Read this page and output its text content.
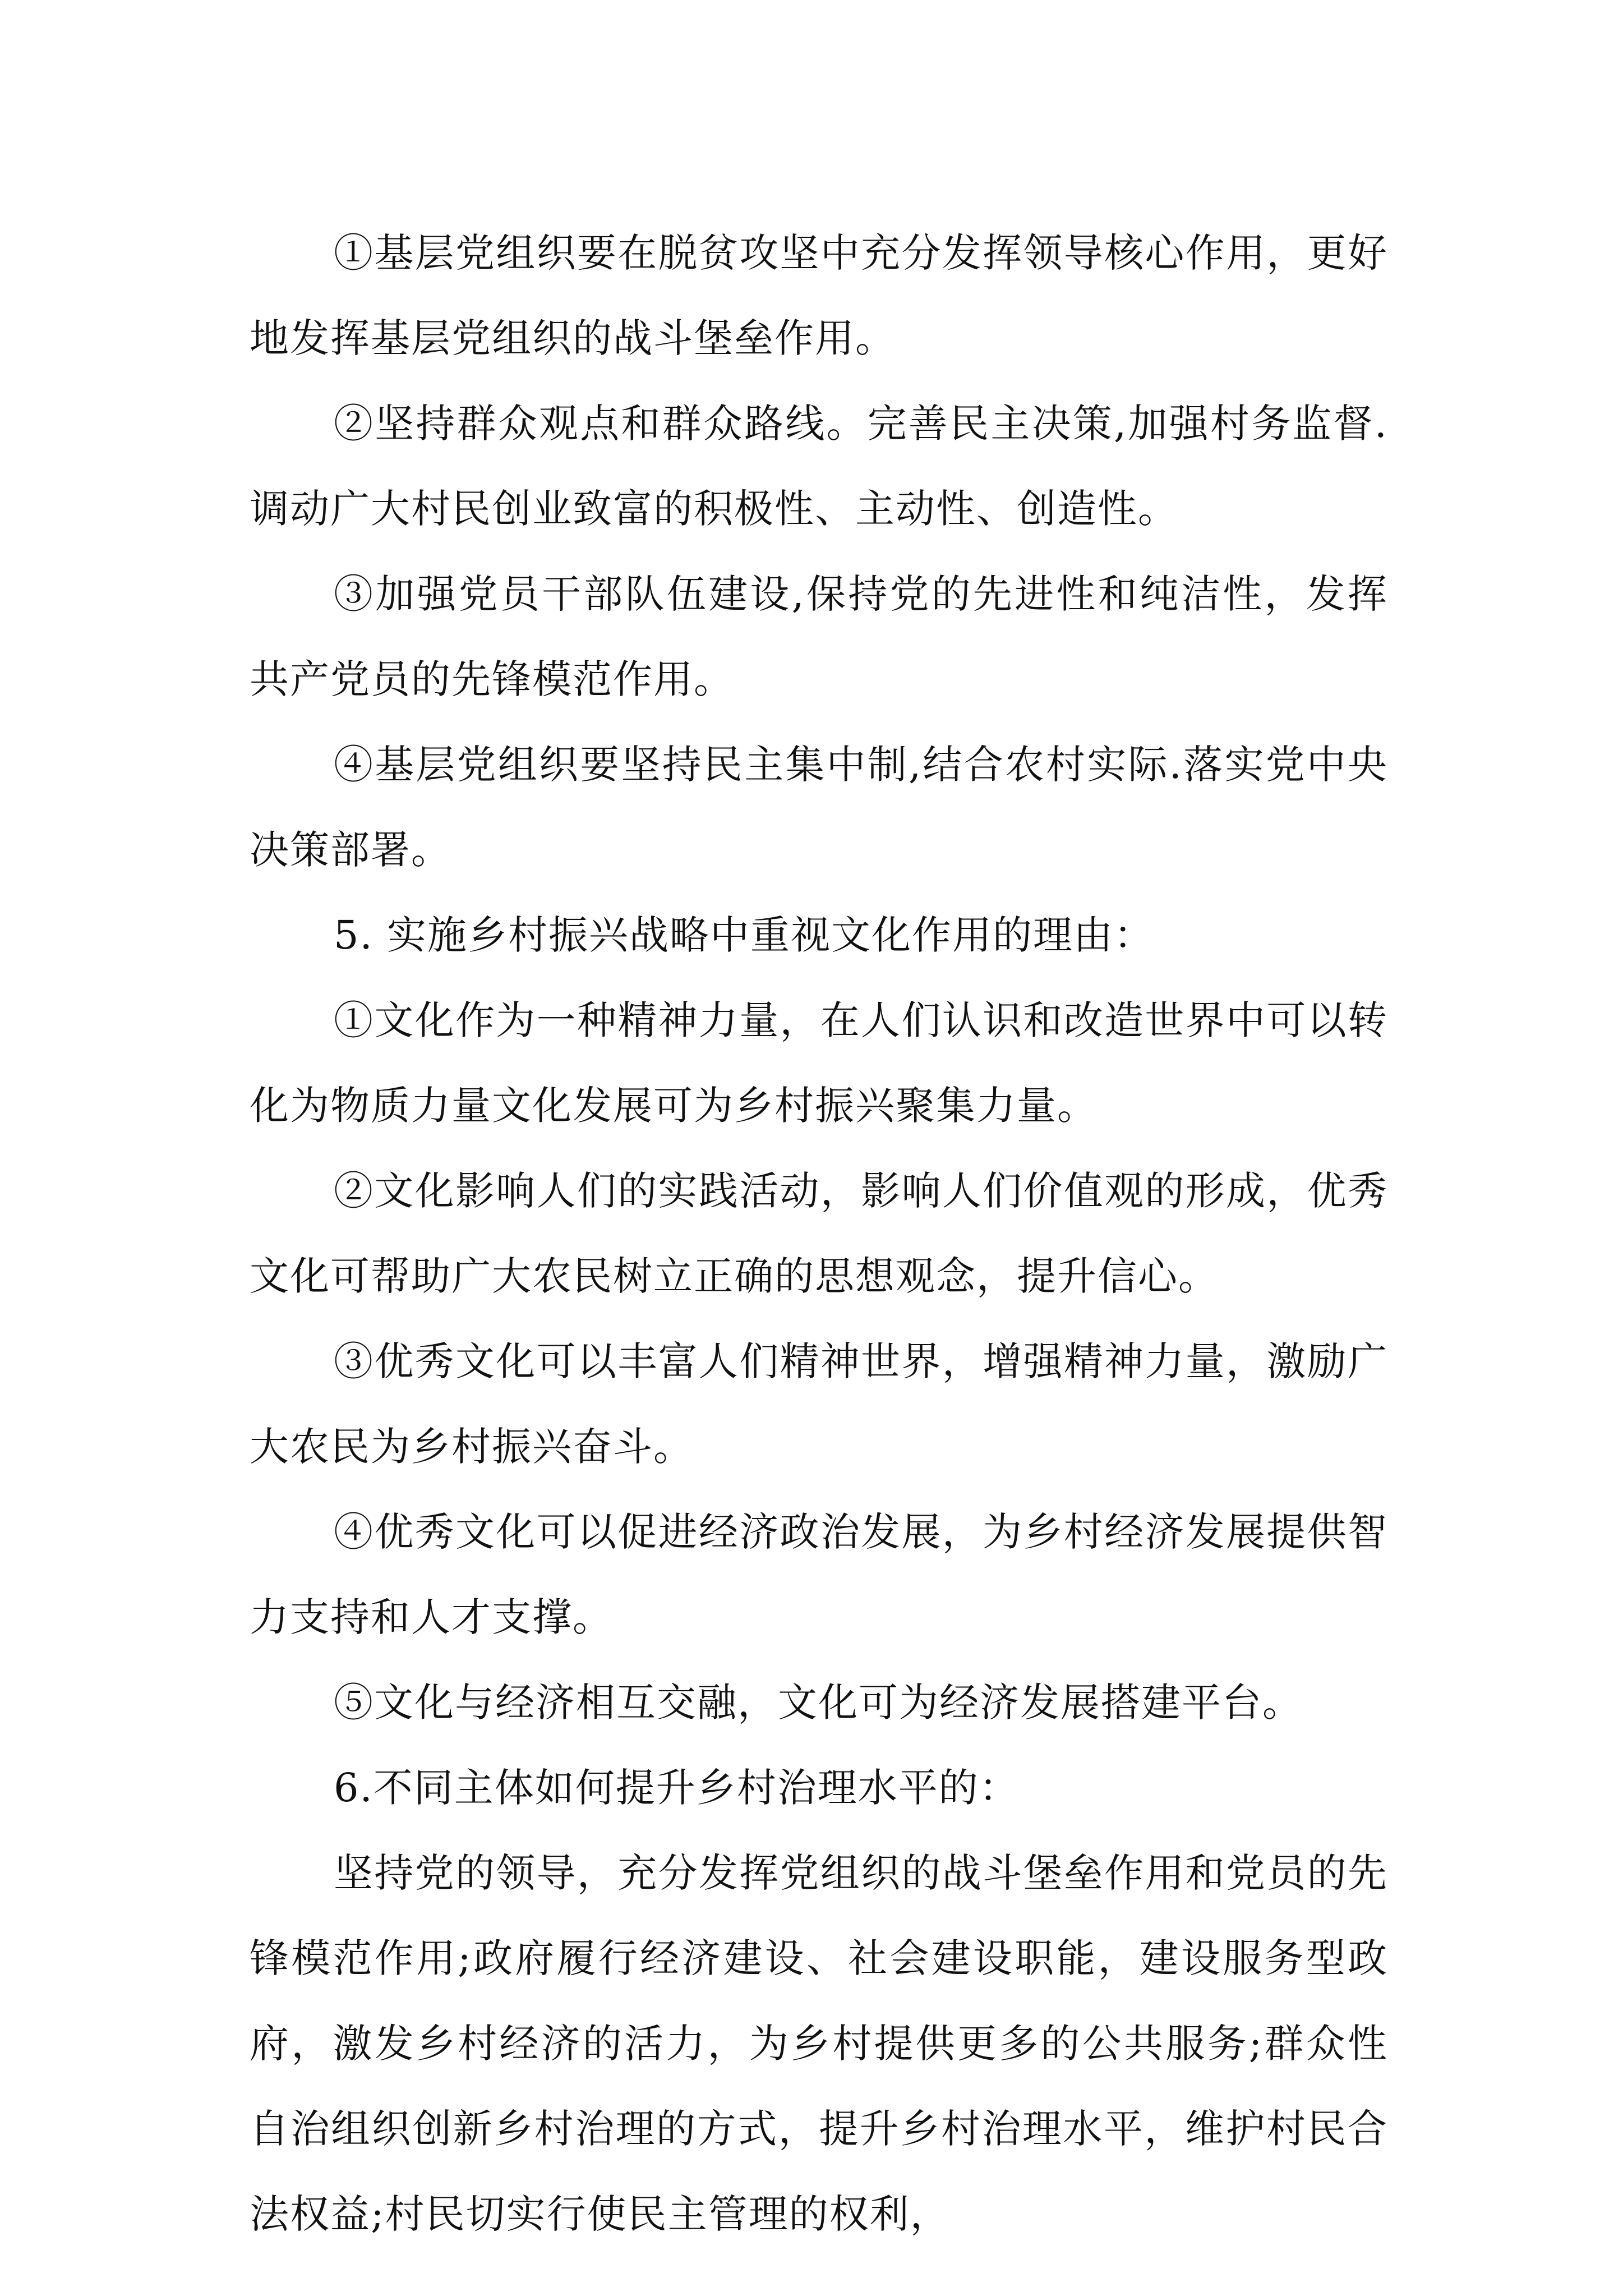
①基层党组织要在脱贫攻坚中充分发挥领导核心作用，更好地发挥基层党组织的战斗堡垒作用。

②坚持群众观点和群众路线。完善民主决策,加强村务监督.调动广大村民创业致富的积极性、主动性、创造性。

③加强党员干部队伍建设,保持党的先进性和纯洁性，发挥共产党员的先锋模范作用。

④基层党组织要坚持民主集中制,结合农村实际.落实党中央决策部署。

5. 实施乡村振兴战略中重视文化作用的理由：

①文化作为一种精神力量，在人们认识和改造世界中可以转化为物质力量文化发展可为乡村振兴聚集力量。

②文化影响人们的实践活动，影响人们价值观的形成，优秀文化可帮助广大农民树立正确的思想观念，提升信心。

③优秀文化可以丰富人们精神世界，增强精神力量，激励广大农民为乡村振兴奋斗。

④优秀文化可以促进经济政治发展，为乡村经济发展提供智力支持和人才支撑。

⑤文化与经济相互交融，文化可为经济发展搭建平台。

6.不同主体如何提升乡村治理水平的：

坚持党的领导，充分发挥党组织的战斗堡垒作用和党员的先锋模范作用;政府履行经济建设、社会建设职能，建设服务型政府，激发乡村经济的活力，为乡村提供更多的公共服务;群众性自治组织创新乡村治理的方式，提升乡村治理水平，维护村民合法权益;村民切实行使民主管理的权利，
